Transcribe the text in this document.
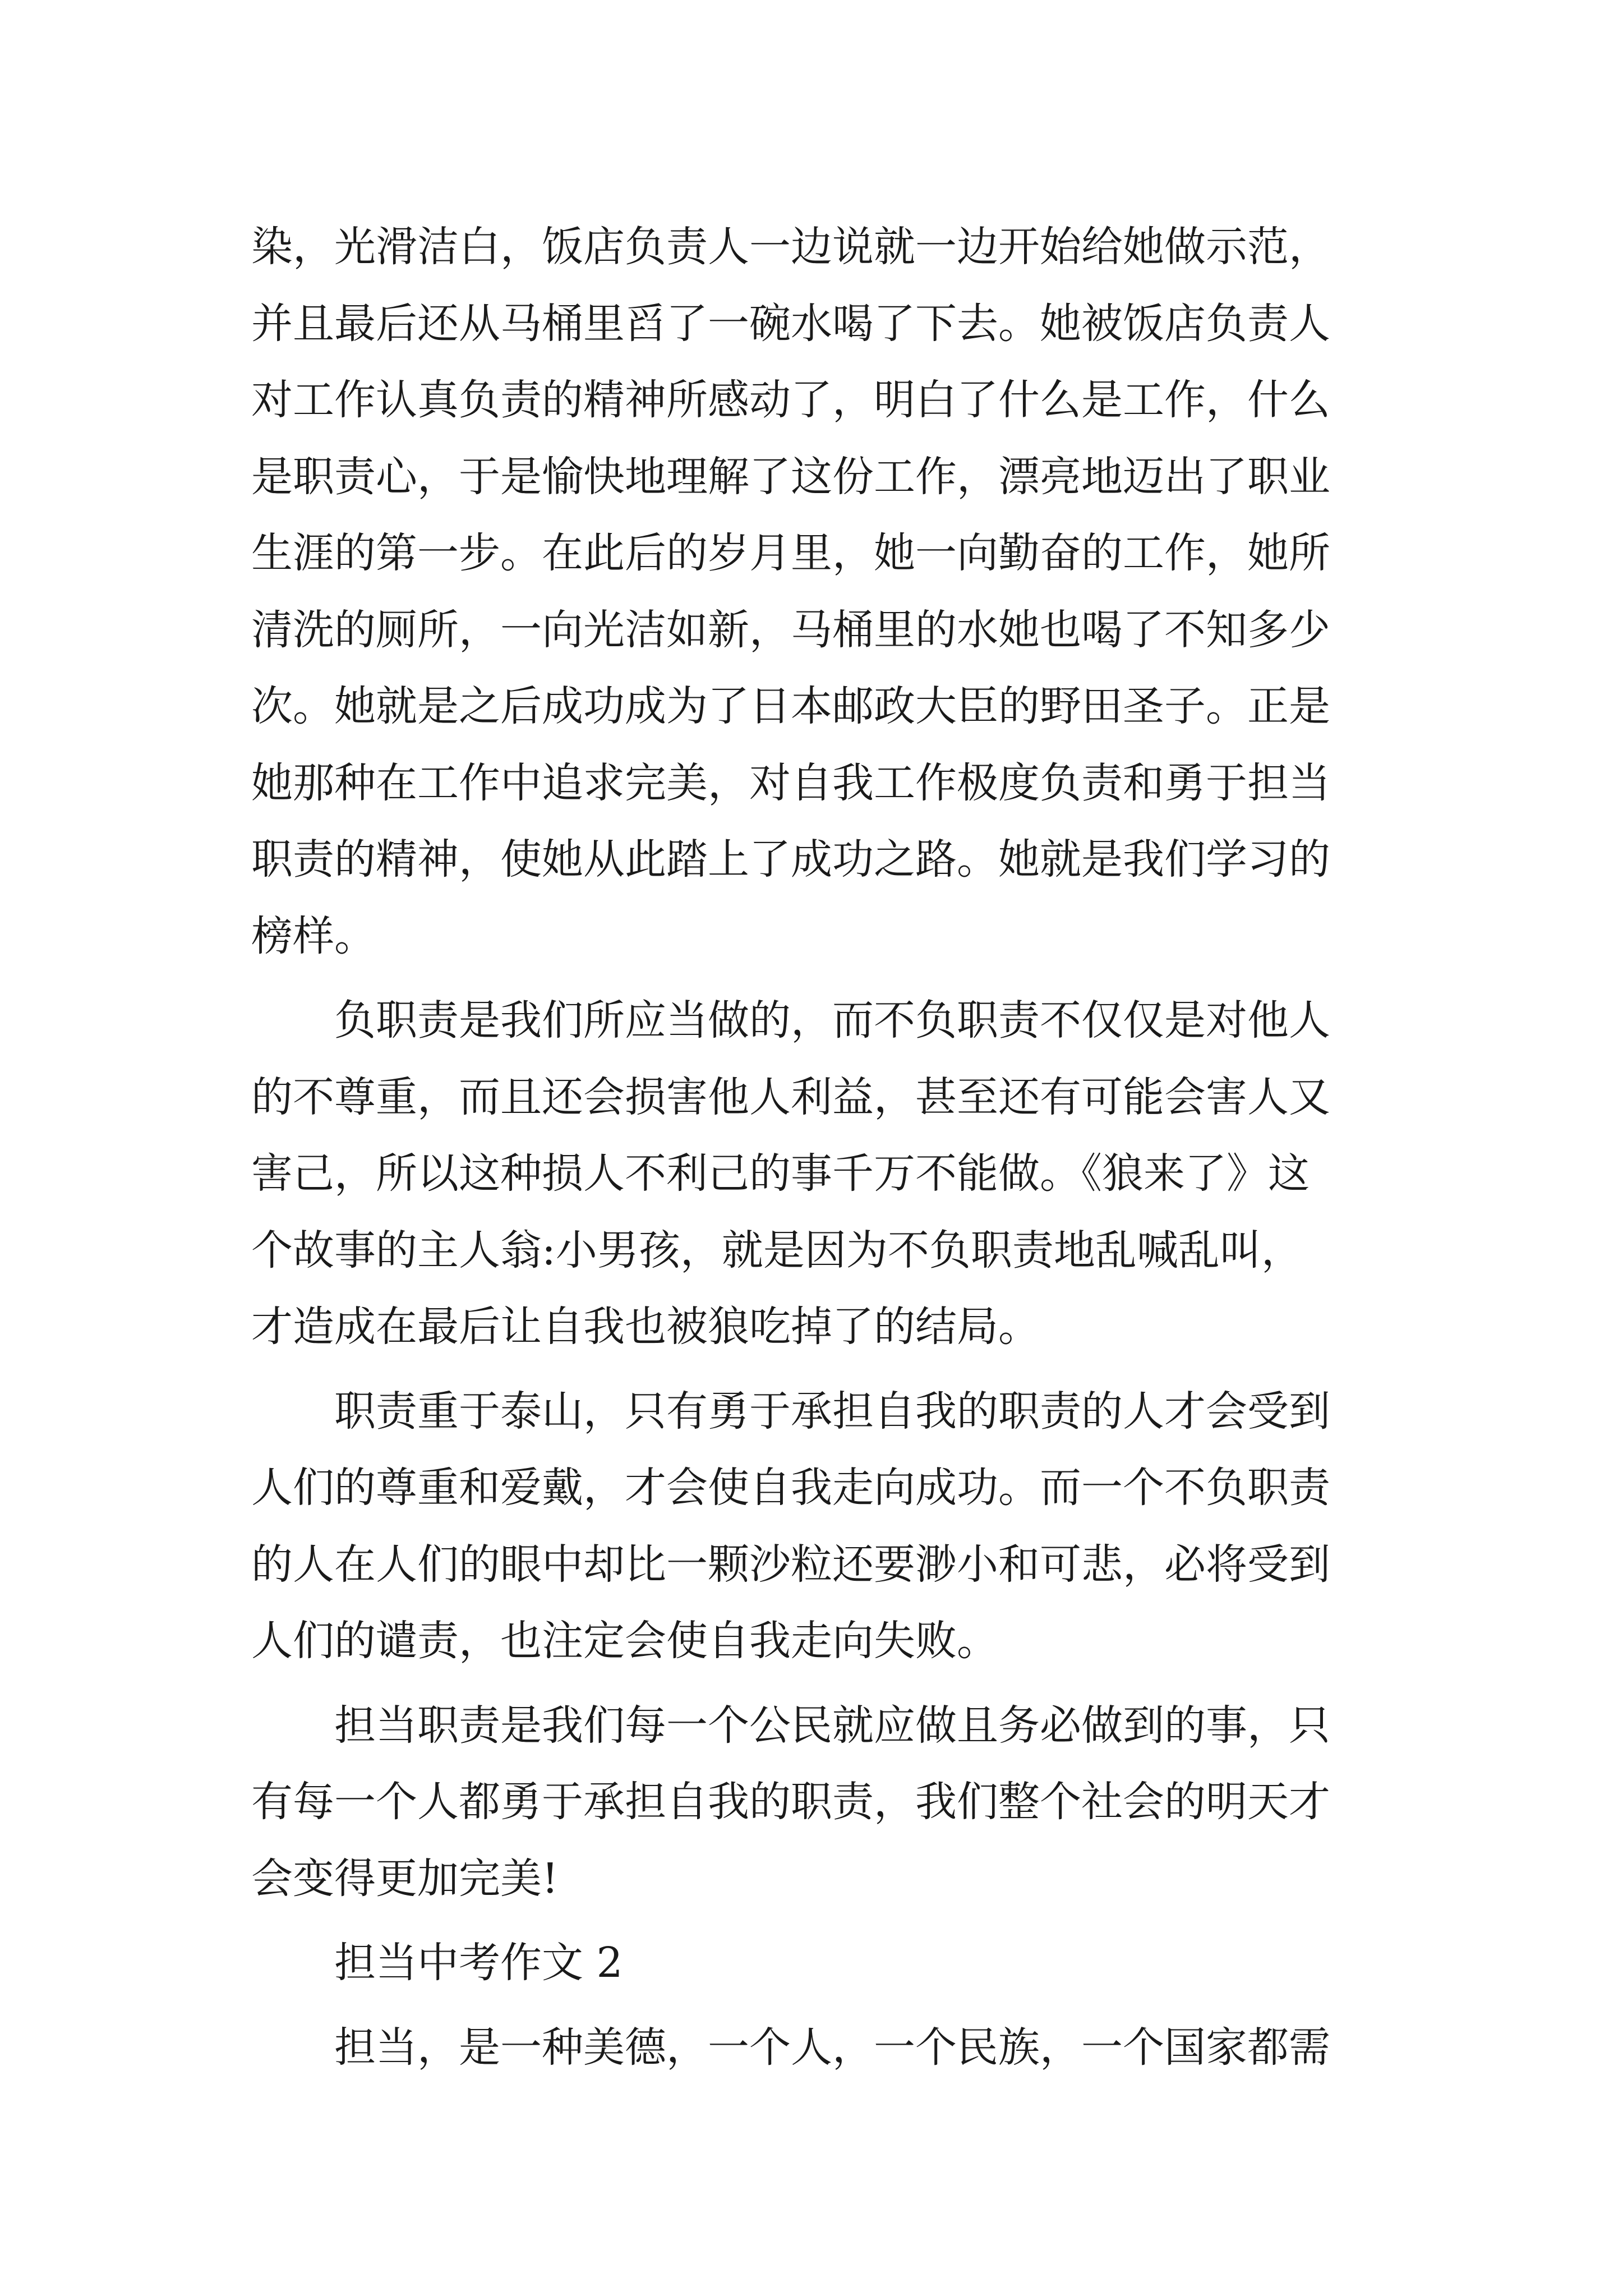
染，光滑洁白，饭店负责人一边说就一边开始给她做示范，
并且最后还从马桶里舀了一碗水喝了下去。她被饭店负责人
对工作认真负责的精神所感动了，明白了什么是工作，什么
是职责心，于是愉快地理解了这份工作，漂亮地迈出了职业
生涯的第一步。在此后的岁月里，她一向勤奋的工作，她所
清洗的厕所，一向光洁如新，马桶里的水她也喝了不知多少
次。她就是之后成功成为了日本邮政大臣的野田圣子。正是
她那种在工作中追求完美，对自我工作极度负责和勇于担当
职责的精神，使她从此踏上了成功之路。她就是我们学习的
榜样。
负职责是我们所应当做的，而不负职责不仅仅是对他人
的不尊重，而且还会损害他人利益，甚至还有可能会害人又
害己，所以这种损人不利己的事千万不能做。《狼来了》这
个故事的主人翁:小男孩，就是因为不负职责地乱喊乱叫，
才造成在最后让自我也被狼吃掉了的结局。
职责重于泰山，只有勇于承担自我的职责的人才会受到
人们的尊重和爱戴，才会使自我走向成功。而一个不负职责
的人在人们的眼中却比一颗沙粒还要渺小和可悲，必将受到
人们的谴责，也注定会使自我走向失败。
担当职责是我们每一个公民就应做且务必做到的事，只
有每一个人都勇于承担自我的职责，我们整个社会的明天才
会变得更加完美!
担当中考作文 2
担当，是一种美德，一个人，一个民族，一个国家都需
